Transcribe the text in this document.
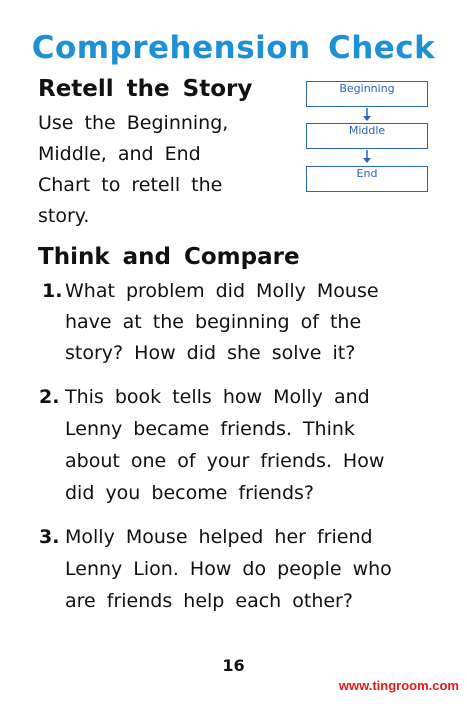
Comprehension Check
Retell the Story
Use the Beginning,
Middle, and End
Chart to retell the
story.
Beginning
Middle
End
Think and Compare
1. What problem did Molly Mouse
have at the beginning of the
story? How did she solve it?
2. This book tells how Molly and
Lenny became friends. Think
about one of your friends. How
did you become friends?
3. Molly Mouse helped her friend
Lenny Lion. How do people who
are friends help each other?
16
www.tingroom.com
